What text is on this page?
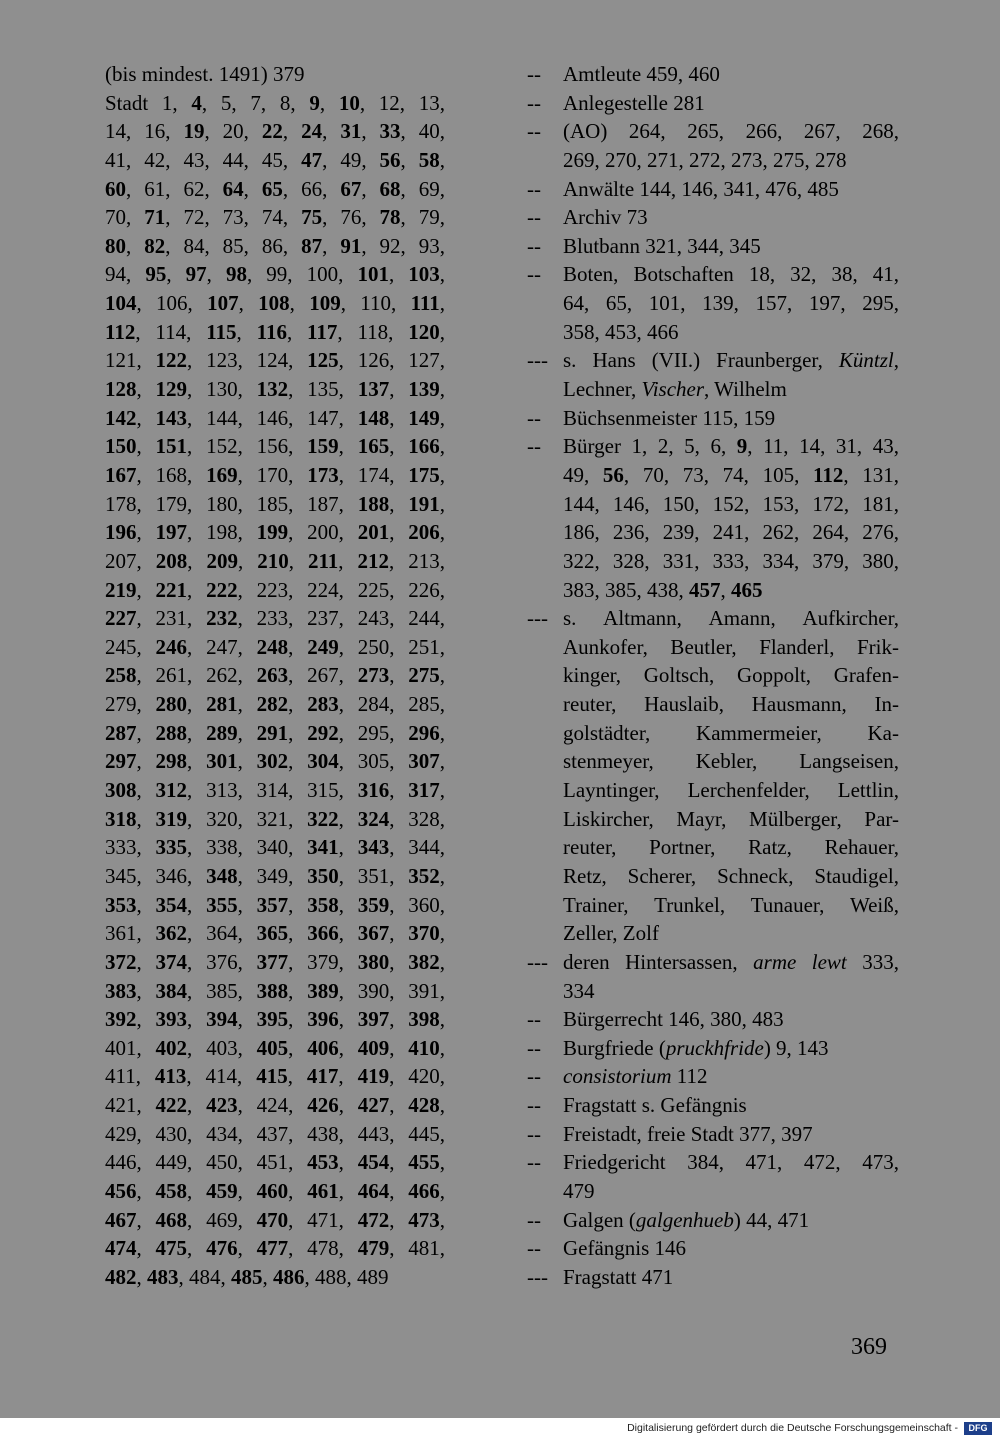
(bis mindest. 1491) 379
Stadt 1, 4, 5, 7, 8, 9, 10, 12, 13,
14, 16, 19, 20, 22, 24, 31, 33, 40,
41, 42, 43, 44, 45, 47, 49, 56, 58,
60, 61, 62, 64, 65, 66, 67, 68, 69,
70, 71, 72, 73, 74, 75, 76, 78, 79,
80, 82, 84, 85, 86, 87, 91, 92, 93,
94, 95, 97, 98, 99, 100, 101, 103,
104, 106, 107, 108, 109, 110, 111,
112, 114, 115, 116, 117, 118, 120,
121, 122, 123, 124, 125, 126, 127,
128, 129, 130, 132, 135, 137, 139,
142, 143, 144, 146, 147, 148, 149,
150, 151, 152, 156, 159, 165, 166,
167, 168, 169, 170, 173, 174, 175,
178, 179, 180, 185, 187, 188, 191,
196, 197, 198, 199, 200, 201, 206,
207, 208, 209, 210, 211, 212, 213,
219, 221, 222, 223, 224, 225, 226,
227, 231, 232, 233, 237, 243, 244,
245, 246, 247, 248, 249, 250, 251,
258, 261, 262, 263, 267, 273, 275,
279, 280, 281, 282, 283, 284, 285,
287, 288, 289, 291, 292, 295, 296,
297, 298, 301, 302, 304, 305, 307,
308, 312, 313, 314, 315, 316, 317,
318, 319, 320, 321, 322, 324, 328,
333, 335, 338, 340, 341, 343, 344,
345, 346, 348, 349, 350, 351, 352,
353, 354, 355, 357, 358, 359, 360,
361, 362, 364, 365, 366, 367, 370,
372, 374, 376, 377, 379, 380, 382,
383, 384, 385, 388, 389, 390, 391,
392, 393, 394, 395, 396, 397, 398,
401, 402, 403, 405, 406, 409, 410,
411, 413, 414, 415, 417, 419, 420,
421, 422, 423, 424, 426, 427, 428,
429, 430, 434, 437, 438, 443, 445,
446, 449, 450, 451, 453, 454, 455,
456, 458, 459, 460, 461, 464, 466,
467, 468, 469, 470, 471, 472, 473,
474, 475, 476, 477, 478, 479, 481,
482, 483, 484, 485, 486, 488, 489
-- Amtleute 459, 460
-- Anlegestelle 281
-- (AO) 264, 265, 266, 267, 268,
269, 270, 271, 272, 273, 275, 278
-- Anwälte 144, 146, 341, 476, 485
-- Archiv 73
-- Blutbann 321, 344, 345
-- Boten, Botschaften 18, 32, 38, 41,
64, 65, 101, 139, 157, 197, 295,
358, 453, 466
--- s. Hans (VII.) Fraunberger, Küntzl,
Lechner, Vischer, Wilhelm
-- Büchsenmeister 115, 159
-- Bürger 1, 2, 5, 6, 9, 11, 14, 31, 43,
49, 56, 70, 73, 74, 105, 112, 131,
144, 146, 150, 152, 153, 172, 181,
186, 236, 239, 241, 262, 264, 276,
322, 328, 331, 333, 334, 379, 380,
383, 385, 438, 457, 465
--- s. Altmann, Amann, Aufkircher,
Aunkofer, Beutler, Flanderl, Frik-
kinger, Goltsch, Goppolt, Grafen-
reuter, Hauslaib, Hausmann, In-
golstädter, Kammermeier, Ka-
stenmeyer, Kebler, Langseisen,
Layntinger, Lerchenfelder, Lettlin,
Liskircher, Mayr, Mülberger, Par-
reuter, Portner, Ratz, Rehauer,
Retz, Scherer, Schneck, Staudigel,
Trainer, Trunkel, Tunauer, Weiß,
Zeller, Zolf
--- deren Hintersassen, arme lewt 333,
334
-- Bürgerrecht 146, 380, 483
-- Burgfriede (pruckhfride) 9, 143
-- consistorium 112
-- Fragstatt s. Gefängnis
-- Freistadt, freie Stadt 377, 397
-- Friedgericht 384, 471, 472, 473,
479
-- Galgen (galgenhueb) 44, 471
-- Gefängnis 146
--- Fragstatt 471
369
Digitalisierung gefördert durch die Deutsche Forschungsgemeinschaft -	DFG
